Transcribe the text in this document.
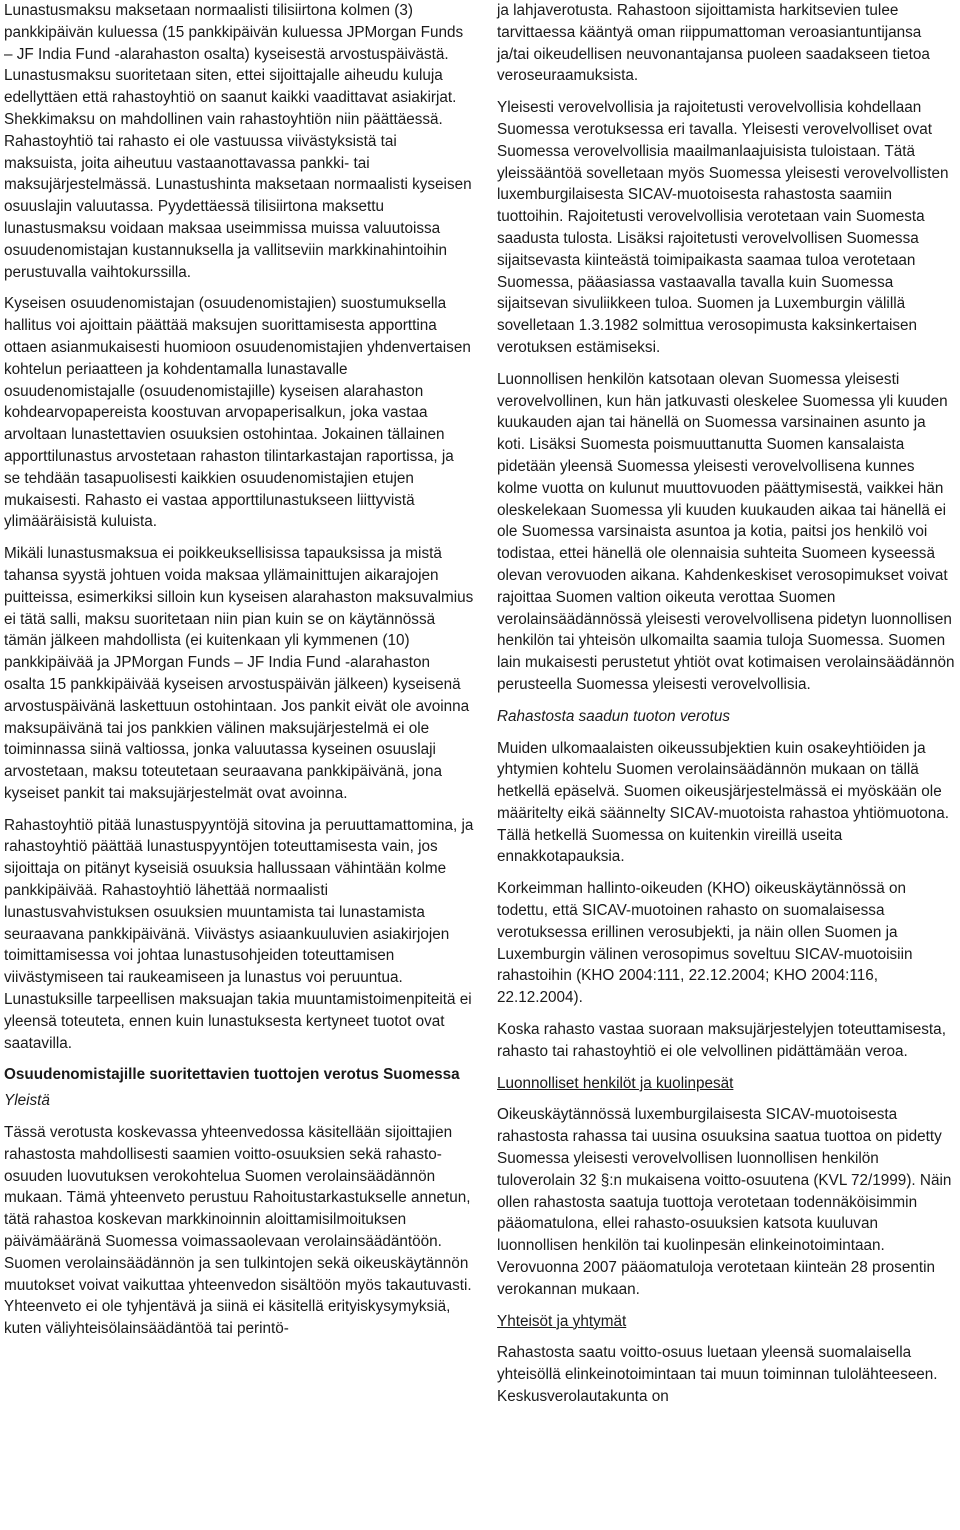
Lunastusmaksu maksetaan normaalisti tilisiirtona kolmen (3) pankkipäivän kuluessa (15 pankkipäivän kuluessa JPMorgan Funds – JF India Fund -alarahaston osalta) kyseisestä arvostuspäivästä. Lunastusmaksu suoritetaan siten, ettei sijoittajalle aiheudu kuluja edellyttäen että rahastoyhtiö on saanut kaikki vaadittavat asiakirjat. Shekkimaksu on mahdollinen vain rahastoyhtiön niin päättäessä. Rahastoyhtiö tai rahasto ei ole vastuussa viivästyksistä tai maksuista, joita aiheutuu vastaanottavassa pankki- tai maksujärjestelmässä. Lunastushinta maksetaan normaalisti kyseisen osuuslajin valuutassa. Pyydettäessä tilisiirtona maksettu lunastusmaksu voidaan maksaa useimmissa muissa valuutoissa osuudenomistajan kustannuksella ja vallitseviin markkinahintoihin perustuvalla vaihtokurssilla.

Kyseisen osuudenomistajan (osuudenomistajien) suostumuksella hallitus voi ajoittain päättää maksujen suorittamisesta apporttina ottaen asianmukaisesti huomioon osuudenomistajien yhdenvertaisen kohtelun periaatteen ja kohdentamalla lunastavalle osuudenomistajalle (osuudenomistajille) kyseisen alarahaston kohdearvopapereista koostuvan arvopaperisalkun, joka vastaa arvoltaan lunastettavien osuuksien ostohintaa. Jokainen tällainen apporttilunastus arvostetaan rahaston tilintarkastajan raportissa, ja se tehdään tasapuolisesti kaikkien osuudenomistajien etujen mukaisesti. Rahasto ei vastaa apporttilunastukseen liittyvistä ylimääräisistä kuluista.

Mikäli lunastusmaksua ei poikkeuksellisissa tapauksissa ja mistä tahansa syystä johtuen voida maksaa yllämainittujen aikarajojen puitteissa, esimerkiksi silloin kun kyseisen alarahaston maksuvalmius ei tätä salli, maksu suoritetaan niin pian kuin se on käytännössä tämän jälkeen mahdollista (ei kuitenkaan yli kymmenen (10) pankkipäivää ja JPMorgan Funds – JF India Fund -alarahaston osalta 15 pankkipäivää kyseisen arvostuspäivän jälkeen) kyseisenä arvostuspäivänä laskettuun ostohintaan. Jos pankit eivät ole avoinna maksupäivänä tai jos pankkien välinen maksujärjestelmä ei ole toiminnassa siinä valtiossa, jonka valuutassa kyseinen osuuslaji arvostetaan, maksu toteutetaan seuraavana pankkipäivänä, jona kyseiset pankit tai maksujärjestelmät ovat avoinna.

Rahastoyhtiö pitää lunastuspyyntöjä sitovina ja peruuttamattomina, ja rahastoyhtiö päättää lunastuspyyntöjen toteuttamisesta vain, jos sijoittaja on pitänyt kyseisiä osuuksia hallussaan vähintään kolme pankkipäivää. Rahastoyhtiö lähettää normaalisti lunastusvahvistuksen osuuksien muuntamista tai lunastamista seuraavana pankkipäivänä. Viivästys asiaankuuluvien asiakirjojen toimittamisessa voi johtaa lunastusohjeiden toteuttamisen viivästymiseen tai raukeamiseen ja lunastus voi peruuntua. Lunastuksille tarpeellisen maksuajan takia muuntamistoimenpiteitä ei yleensä toteuteta, ennen kuin lunastuksesta kertyneet tuotot ovat saatavilla.

Osuudenomistajille suoritettavien tuottojen verotus Suomessa
Yleistä

Tässä verotusta koskevassa yhteenvedossa käsitellään sijoittajien rahastosta mahdollisesti saamien voitto-osuuksien sekä rahasto-osuuden luovutuksen verokohtelua Suomen verolainsäädännön mukaan. Tämä yhteenveto perustuu Rahoitustarkastukselle annetun, tätä rahastoa koskevan markkinoinnin aloittamisilmoituksen päivämääränä Suomessa voimassaolevaan verolainsäädäntöön. Suomen verolainsäädännön ja sen tulkintojen sekä oikeuskäytännön muutokset voivat vaikuttaa yhteenvedon sisältöön myös takautuvasti. Yhteenveto ei ole tyhjentävä ja siinä ei käsitellä erityiskysymyksiä, kuten väliyhteisölainsäädäntöä tai perintö-

ja lahjaverotusta. Rahastoon sijoittamista harkitsevien tulee tarvittaessa kääntyä oman riippumattoman veroasiantuntijansa ja/tai oikeudellisen neuvonantajansa puoleen saadakseen tietoa veroseuraamuksista.

Yleisesti verovelvollisia ja rajoitetusti verovelvollisia kohdellaan Suomessa verotuksessa eri tavalla. Yleisesti verovelvolliset ovat Suomessa verovelvollisia maailmanlaajuisista tuloistaan. Tätä yleissääntöä sovelletaan myös Suomessa yleisesti verovelvollisten luxemburgilaisesta SICAV-muotoisesta rahastosta saamiin tuottoihin. Rajoitetusti verovelvollisia verotetaan vain Suomesta saadusta tulosta. Lisäksi rajoitetusti verovelvollisen Suomessa sijaitsevasta kiinteästä toimipaikasta saamaa tuloa verotetaan Suomessa, pääasiassa vastaavalla tavalla kuin Suomessa sijaitsevan sivuliikkeen tuloa. Suomen ja Luxemburgin välillä sovelletaan 1.3.1982 solmittua verosopimusta kaksinkertaisen verotuksen estämiseksi.

Luonnollisen henkilön katsotaan olevan Suomessa yleisesti verovelvollinen, kun hän jatkuvasti oleskelee Suomessa yli kuuden kuukauden ajan tai hänellä on Suomessa varsinainen asunto ja koti. Lisäksi Suomesta poismuuttanutta Suomen kansalaista pidetään yleensä Suomessa yleisesti verovelvollisena kunnes kolme vuotta on kulunut muuttovuoden päättymisestä, vaikkei hän oleskelekaan Suomessa yli kuuden kuukauden aikaa tai hänellä ei ole Suomessa varsinaista asuntoa ja kotia, paitsi jos henkilö voi todistaa, ettei hänellä ole olennaisia suhteita Suomeen kyseessä olevan verovuoden aikana. Kahdenkeskiset verosopimukset voivat rajoittaa Suomen valtion oikeuta verottaa Suomen verolainsäädännössä yleisesti verovelvollisena pidetyn luonnollisen henkilön tai yhteisön ulkomailta saamia tuloja Suomessa. Suomen lain mukaisesti perustetut yhtiöt ovat kotimaisen verolainsäädännön perusteella Suomessa yleisesti verovelvollisia.

Rahastosta saadun tuoton verotus

Muiden ulkomaalaisten oikeussubjektien kuin osakeyhtiöiden ja yhtymien kohtelu Suomen verolainsäädännön mukaan on tällä hetkellä epäselvä. Suomen oikeusjärjestelmässä ei myöskään ole määritelty eikä säännelty SICAV-muotoista rahastoa yhtiömuotona. Tällä hetkellä Suomessa on kuitenkin vireillä useita ennakkotapauksia.

Korkeimman hallinto-oikeuden (KHO) oikeuskäytännössä on todettu, että SICAV-muotoinen rahasto on suomalaisessa verotuksessa erillinen verosubjekti, ja näin ollen Suomen ja Luxemburgin välinen verosopimus soveltuu SICAV-muotoisiin rahastoihin (KHO 2004:111, 22.12.2004; KHO 2004:116, 22.12.2004).

Koska rahasto vastaa suoraan maksujärjestelyjen toteuttamisesta, rahasto tai rahastoyhtiö ei ole velvollinen pidättämään veroa.

Luonnolliset henkilöt ja kuolinpesät

Oikeuskäytännössä luxemburgilaisesta SICAV-muotoisesta rahastosta rahassa tai uusina osuuksina saatua tuottoa on pidetty Suomessa yleisesti verovelvollisen luonnollisen henkilön tuloverolain 32 §:n mukaisena voitto-osuutena (KVL 72/1999). Näin ollen rahastosta saatuja tuottoja verotetaan todennäköisimmin pääomatulona, ellei rahasto-osuuksien katsota kuuluvan luonnollisen henkilön tai kuolinpesän elinkeinotoimintaan. Verovuonna 2007 pääomatuloja verotetaan kiinteän 28 prosentin verokannan mukaan.

Yhteisöt ja yhtymät

Rahastosta saatu voitto-osuus luetaan yleensä suomalaisella yhteisöllä elinkeinotoimintaan tai muun toiminnan tulolähteeseen. Keskusverolautakunta on
